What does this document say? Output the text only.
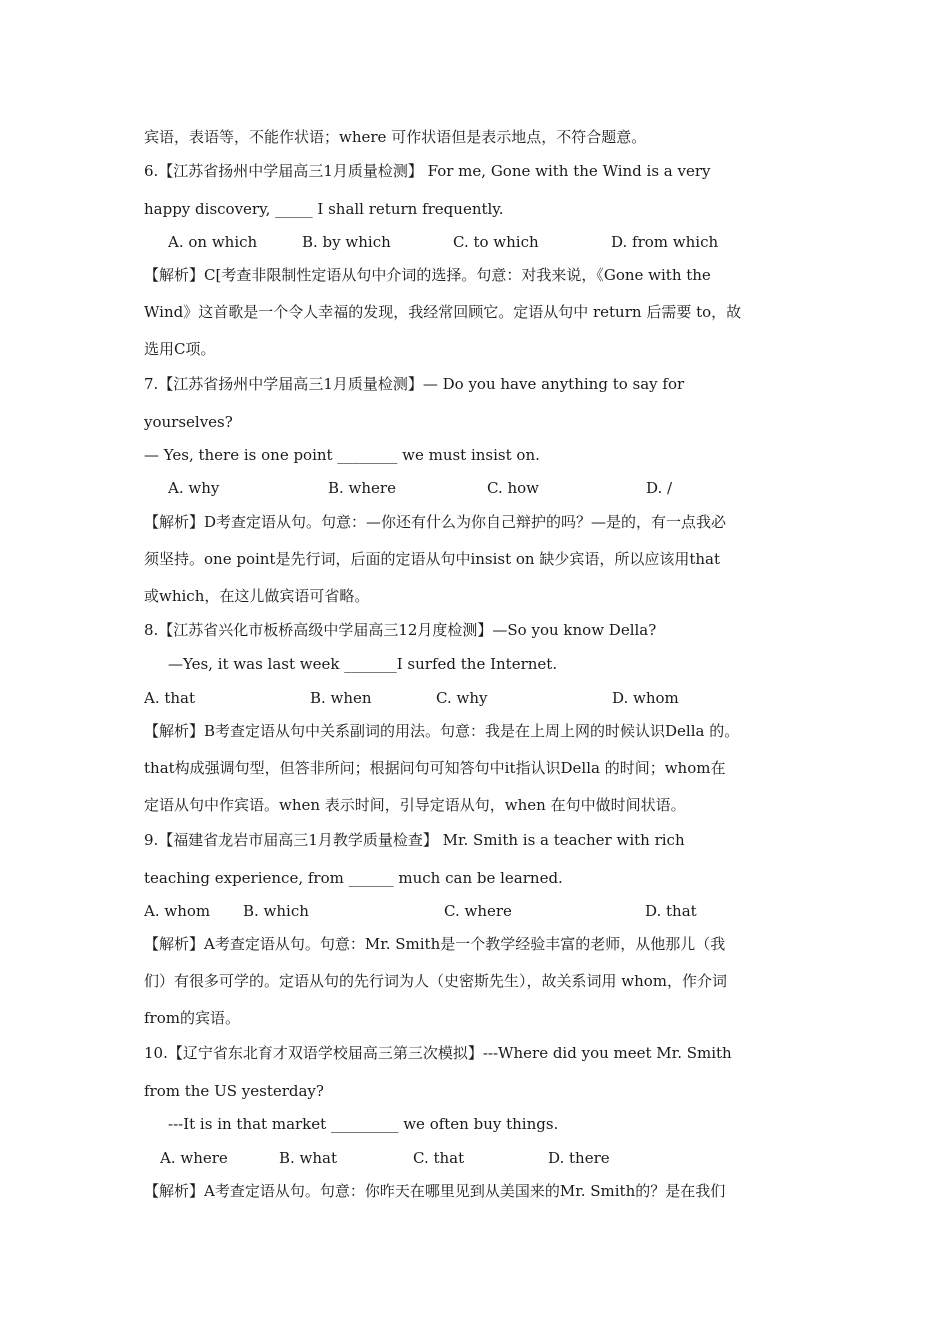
宾语，表语等，不能作状语；where 可作状语但是表示地点，不符合题意。
6.【江苏省扬州中学届高三1月质量检测】 For me, Gone with the Wind is a very
happy discovery, _____ I shall return frequently.
A. on which	B. by which	C. to which	D. from which
【解析】C[考查非限制性定语从句中介词的选择。句意：对我来说，《Gone with the
Wind》这首歌是一个令人幸福的发现，我经常回顾它。定语从句中 return 后需要 to，故
选用C项。
7.【江苏省扬州中学届高三1月质量检测】— Do you have anything to say for
yourselves?
— Yes, there is one point ________ we must insist on.
A. why	B. where	C. how	D. /
【解析】D考查定语从句。句意：—你还有什么为你自己辩护的吗？—是的，有一点我必
须坚持。one point是先行词，后面的定语从句中insist on 缺少宾语，所以应该用that
或which，在这儿做宾语可省略。
8.【江苏省兴化市板桥高级中学届高三12月度检测】—So you know Della?
—Yes, it was last week _______I surfed the Internet.
A. that	B. when	C. why	D. whom
【解析】B考查定语从句中关系副词的用法。句意：我是在上周上网的时候认识Della 的。
that构成强调句型，但答非所问；根据问句可知答句中it指认识Della 的时间；whom在
定语从句中作宾语。when 表示时间，引导定语从句，when 在句中做时间状语。
9.【福建省龙岩市届高三1月教学质量检查】 Mr. Smith is a teacher with rich
teaching experience, from ______ much can be learned.
A. whom B. which	C. where	D. that
【解析】A考查定语从句。句意：Mr. Smith是一个教学经验丰富的老师，从他那儿（我
们）有很多可学的。定语从句的先行词为人（史密斯先生），故关系词用 whom，作介词
from的宾语。
10.【辽宁省东北育才双语学校届高三第三次模拟】---Where did you meet Mr. Smith
from the US yesterday?
---It is in that market _________ we often buy things.
A. where	B. what	C. that	D. there
【解析】A考查定语从句。句意：你昨天在哪里见到从美国来的Mr. Smith的？是在我们
